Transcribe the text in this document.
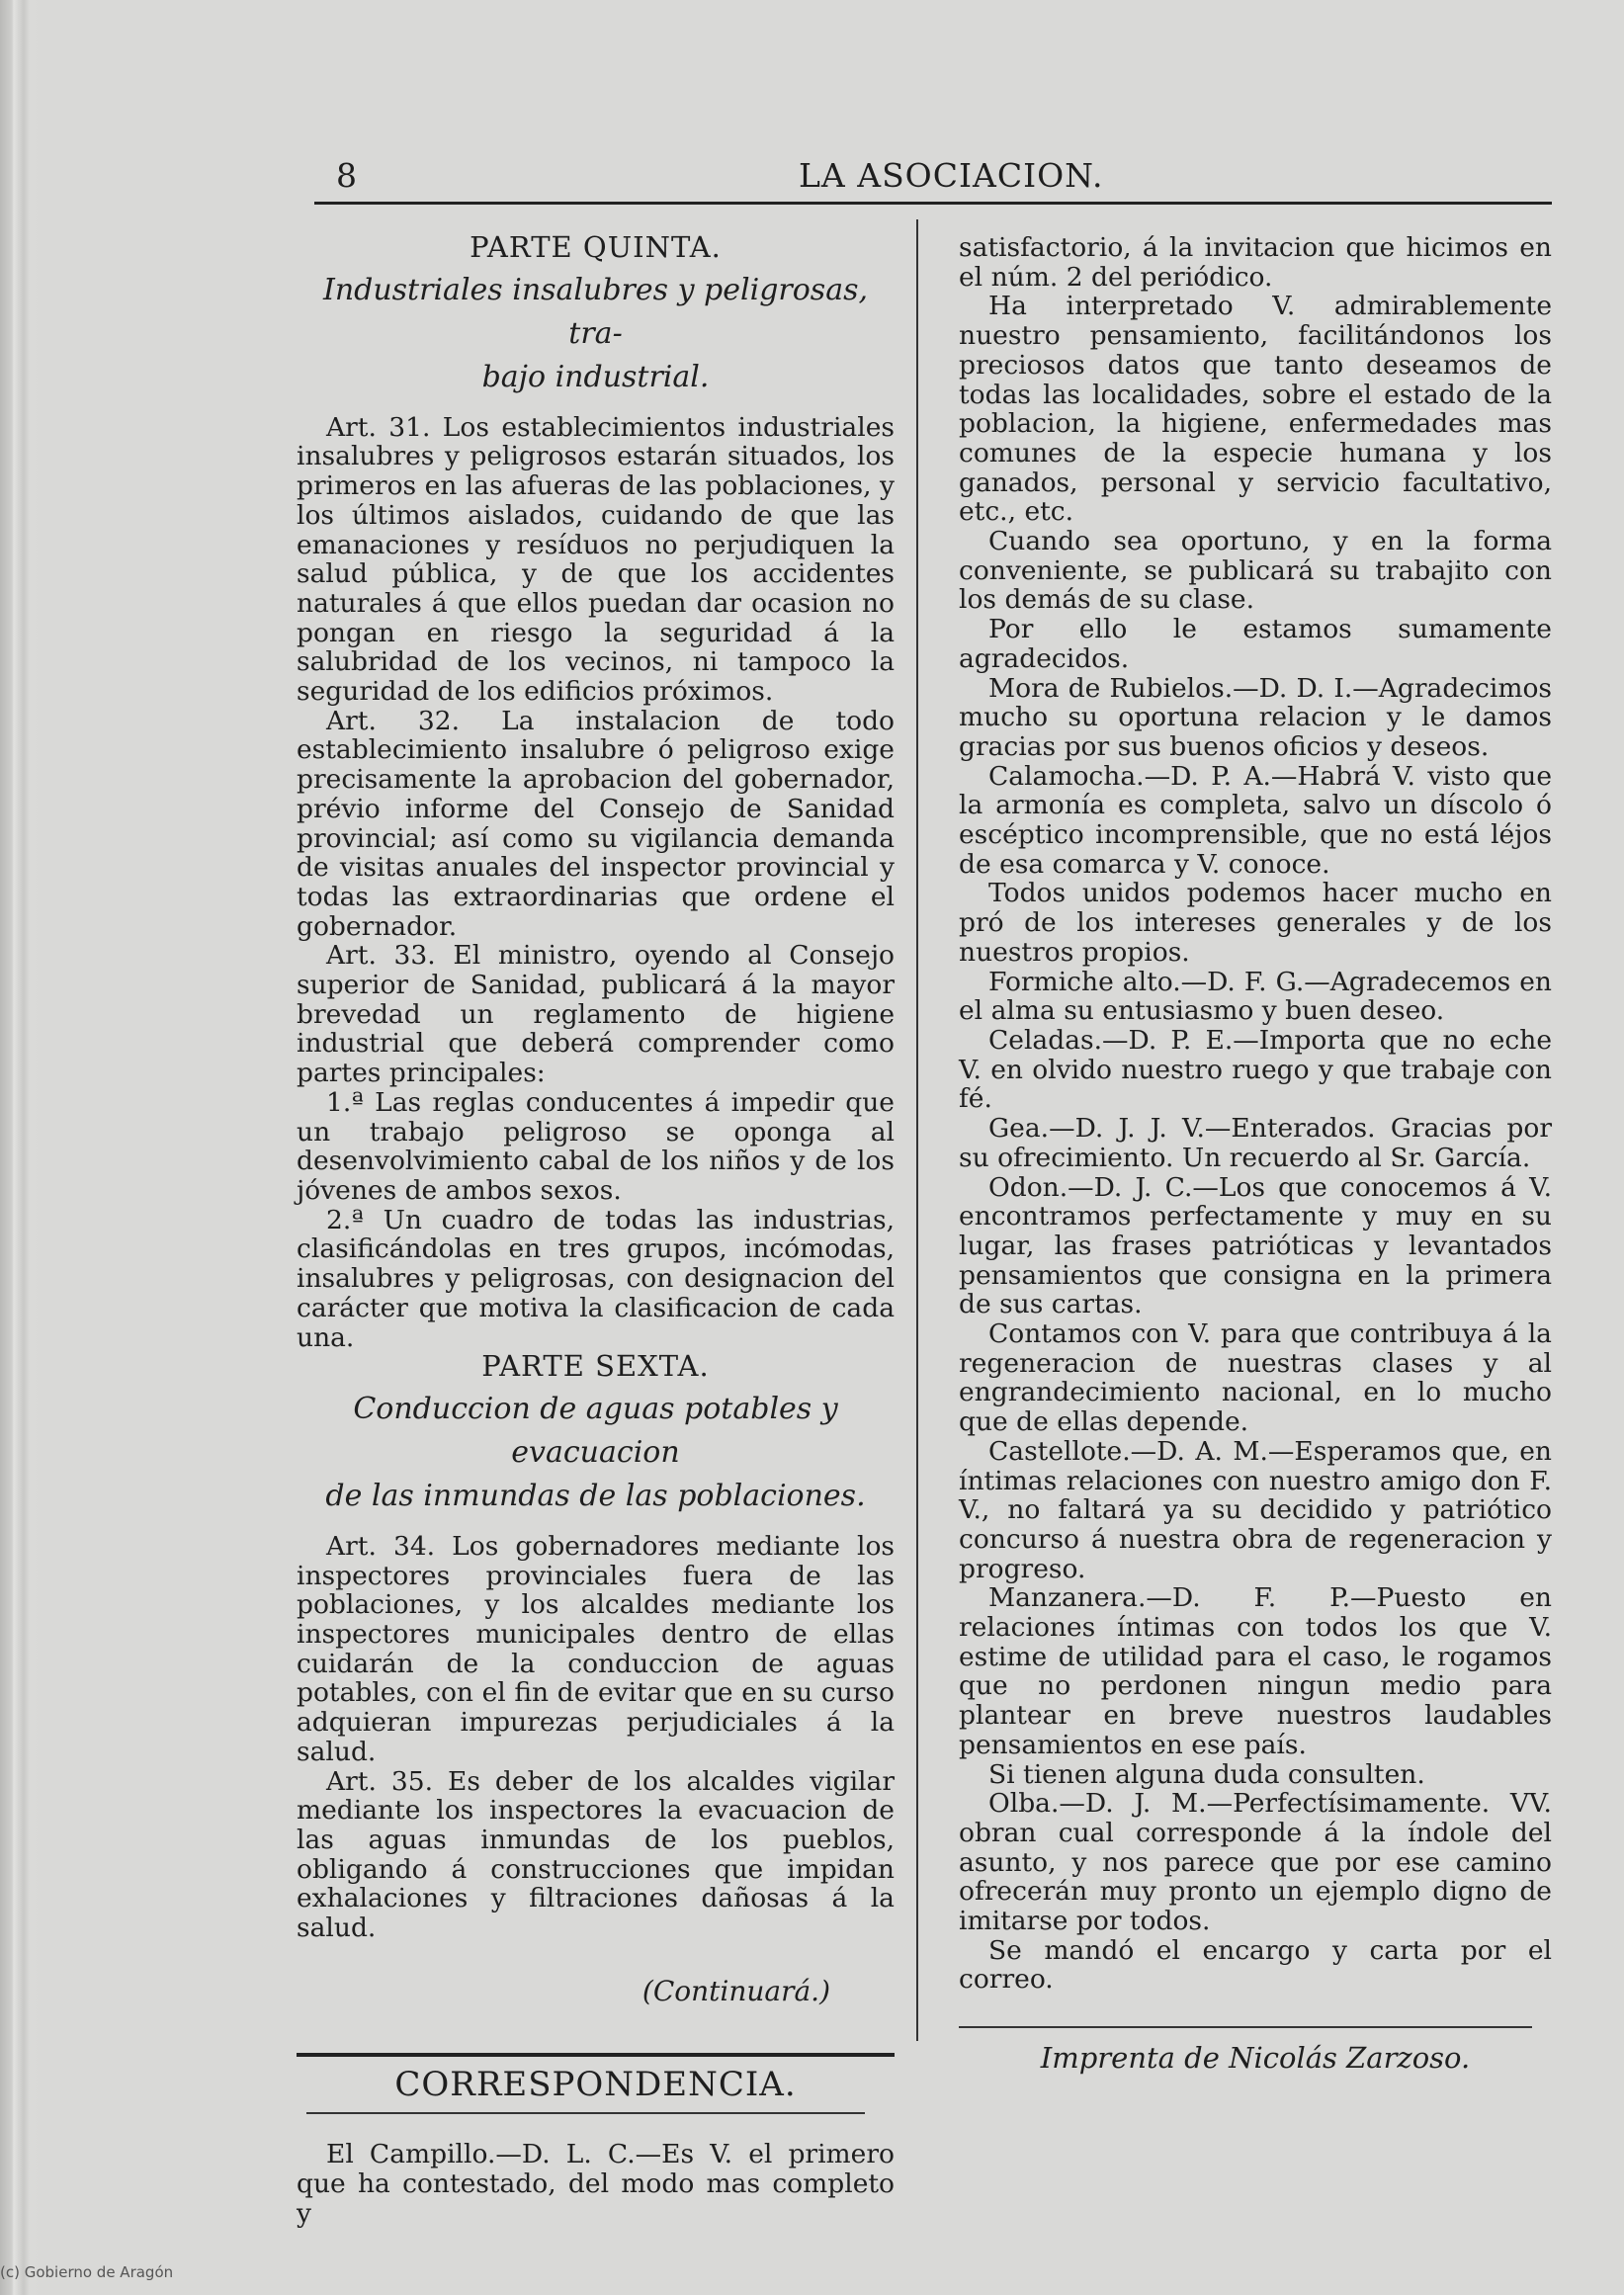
8	LA ASOCIACION.
PARTE QUINTA.
Industriales insalubres y peligrosas, tra-
bajo industrial.

Art. 31. Los establecimientos industriales insalubres y peligrosos estarán situados, los primeros en las afueras de las poblaciones, y los últimos aislados, cuidando de que las emanaciones y resíduos no perjudiquen la salud pública, y de que los accidentes naturales á que ellos puedan dar ocasion no pongan en riesgo la seguridad á la salubridad de los vecinos, ni tampoco la seguridad de los edificios próximos.

Art. 32. La instalacion de todo establecimiento insalubre ó peligroso exige precisamente la aprobacion del gobernador, prévio informe del Consejo de Sanidad provincial; así como su vigilancia demanda de visitas anuales del inspector provincial y todas las extraordinarias que ordene el gobernador.

Art. 33. El ministro, oyendo al Consejo superior de Sanidad, publicará á la mayor brevedad un reglamento de higiene industrial que deberá comprender como partes principales:

1.ª Las reglas conducentes á impedir que un trabajo peligroso se oponga al desenvolvimiento cabal de los niños y de los jóvenes de ambos sexos.

2.ª Un cuadro de todas las industrias, clasificándolas en tres grupos, incómodas, insalubres y peligrosas, con designacion del carácter que motiva la clasificacion de cada una.

PARTE SEXTA.
Conduccion de aguas potables y evacuacion
de las inmundas de las poblaciones.

Art. 34. Los gobernadores mediante los inspectores provinciales fuera de las poblaciones, y los alcaldes mediante los inspectores municipales dentro de ellas cuidarán de la conduccion de aguas potables, con el fin de evitar que en su curso adquieran impurezas perjudiciales á la salud.

Art. 35. Es deber de los alcaldes vigilar mediante los inspectores la evacuacion de las aguas inmundas de los pueblos, obligando á construcciones que impidan exhalaciones y filtraciones dañosas á la salud.

(Continuará.)
CORRESPONDENCIA.

El Campillo.—D. L. C.—Es V. el primero que ha contestado, del modo mas completo y

satisfactorio, á la invitacion que hicimos en el núm. 2 del periódico.

Ha interpretado V. admirablemente nuestro pensamiento, facilitándonos los preciosos datos que tanto deseamos de todas las localidades, sobre el estado de la poblacion, la higiene, enfermedades mas comunes de la especie humana y los ganados, personal y servicio facultativo, etc., etc.

Cuando sea oportuno, y en la forma conveniente, se publicará su trabajito con los demás de su clase.

Por ello le estamos sumamente agradecidos.

Mora de Rubielos.—D. D. I.—Agradecimos mucho su oportuna relacion y le damos gracias por sus buenos oficios y deseos.

Calamocha.—D. P. A.—Habrá V. visto que la armonía es completa, salvo un díscolo ó escéptico incomprensible, que no está léjos de esa comarca y V. conoce.

Todos unidos podemos hacer mucho en pró de los intereses generales y de los nuestros propios.

Formiche alto.—D. F. G.—Agradecemos en el alma su entusiasmo y buen deseo.

Celadas.—D. P. E.—Importa que no eche V. en olvido nuestro ruego y que trabaje con fé.

Gea.—D. J. J. V.—Enterados. Gracias por su ofrecimiento. Un recuerdo al Sr. García.

Odon.—D. J. C.—Los que conocemos á V. encontramos perfectamente y muy en su lugar, las frases patrióticas y levantados pensamientos que consigna en la primera de sus cartas.

Contamos con V. para que contribuya á la regeneracion de nuestras clases y al engrandecimiento nacional, en lo mucho que de ellas depende.

Castellote.—D. A. M.—Esperamos que, en íntimas relaciones con nuestro amigo don F. V., no faltará ya su decidido y patriótico concurso á nuestra obra de regeneracion y progreso.

Manzanera.—D. F. P.—Puesto en relaciones íntimas con todos los que V. estime de utilidad para el caso, le rogamos que no perdonen ningun medio para plantear en breve nuestros laudables pensamientos en ese país.

Si tienen alguna duda consulten.

Olba.—D. J. M.—Perfectísimamente. VV. obran cual corresponde á la índole del asunto, y nos parece que por ese camino ofrecerán muy pronto un ejemplo digno de imitarse por todos.

Se mandó el encargo y carta por el correo.

Imprenta de Nicolás Zarzoso.
(c) Gobierno de Aragón
